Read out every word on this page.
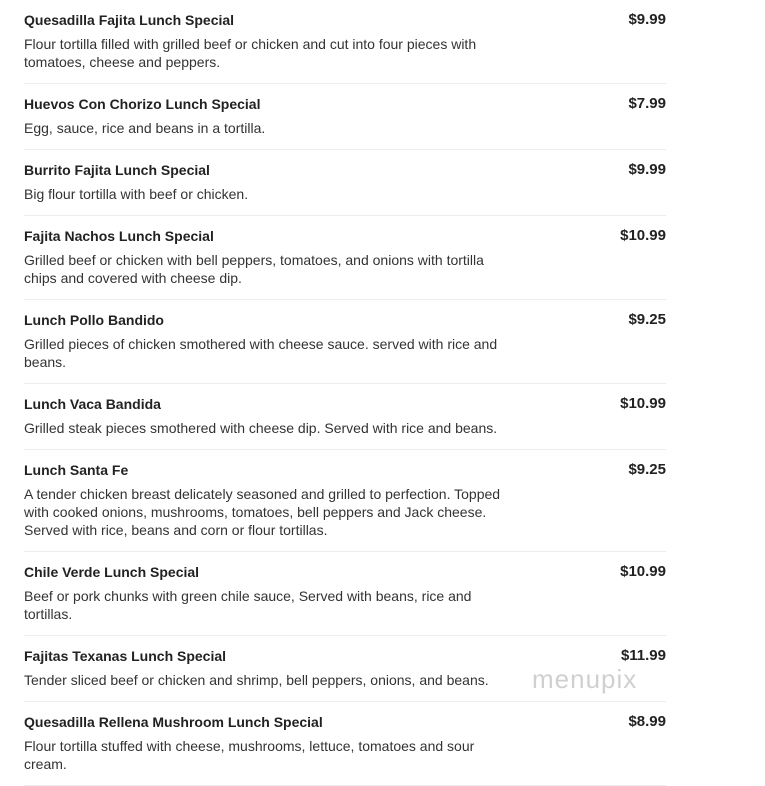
Quesadilla Fajita Lunch Special	$9.99
Flour tortilla filled with grilled beef or chicken and cut into four pieces with tomatoes, cheese and peppers.
Huevos Con Chorizo Lunch Special	$7.99
Egg, sauce, rice and beans in a tortilla.
Burrito Fajita Lunch Special	$9.99
Big flour tortilla with beef or chicken.
Fajita Nachos Lunch Special	$10.99
Grilled beef or chicken with bell peppers, tomatoes, and onions with tortilla chips and covered with cheese dip.
Lunch Pollo Bandido	$9.25
Grilled pieces of chicken smothered with cheese sauce. served with rice and beans.
Lunch Vaca Bandida	$10.99
Grilled steak pieces smothered with cheese dip. Served with rice and beans.
Lunch Santa Fe	$9.25
A tender chicken breast delicately seasoned and grilled to perfection. Topped with cooked onions, mushrooms, tomatoes, bell peppers and Jack cheese. Served with rice, beans and corn or flour tortillas.
Chile Verde Lunch Special	$10.99
Beef or pork chunks with green chile sauce, Served with beans, rice and tortillas.
Fajitas Texanas Lunch Special	$11.99
Tender sliced beef or chicken and shrimp, bell peppers, onions, and beans.
Quesadilla Rellena Mushroom Lunch Special	$8.99
Flour tortilla stuffed with cheese, mushrooms, lettuce, tomatoes and sour cream.
menupix
